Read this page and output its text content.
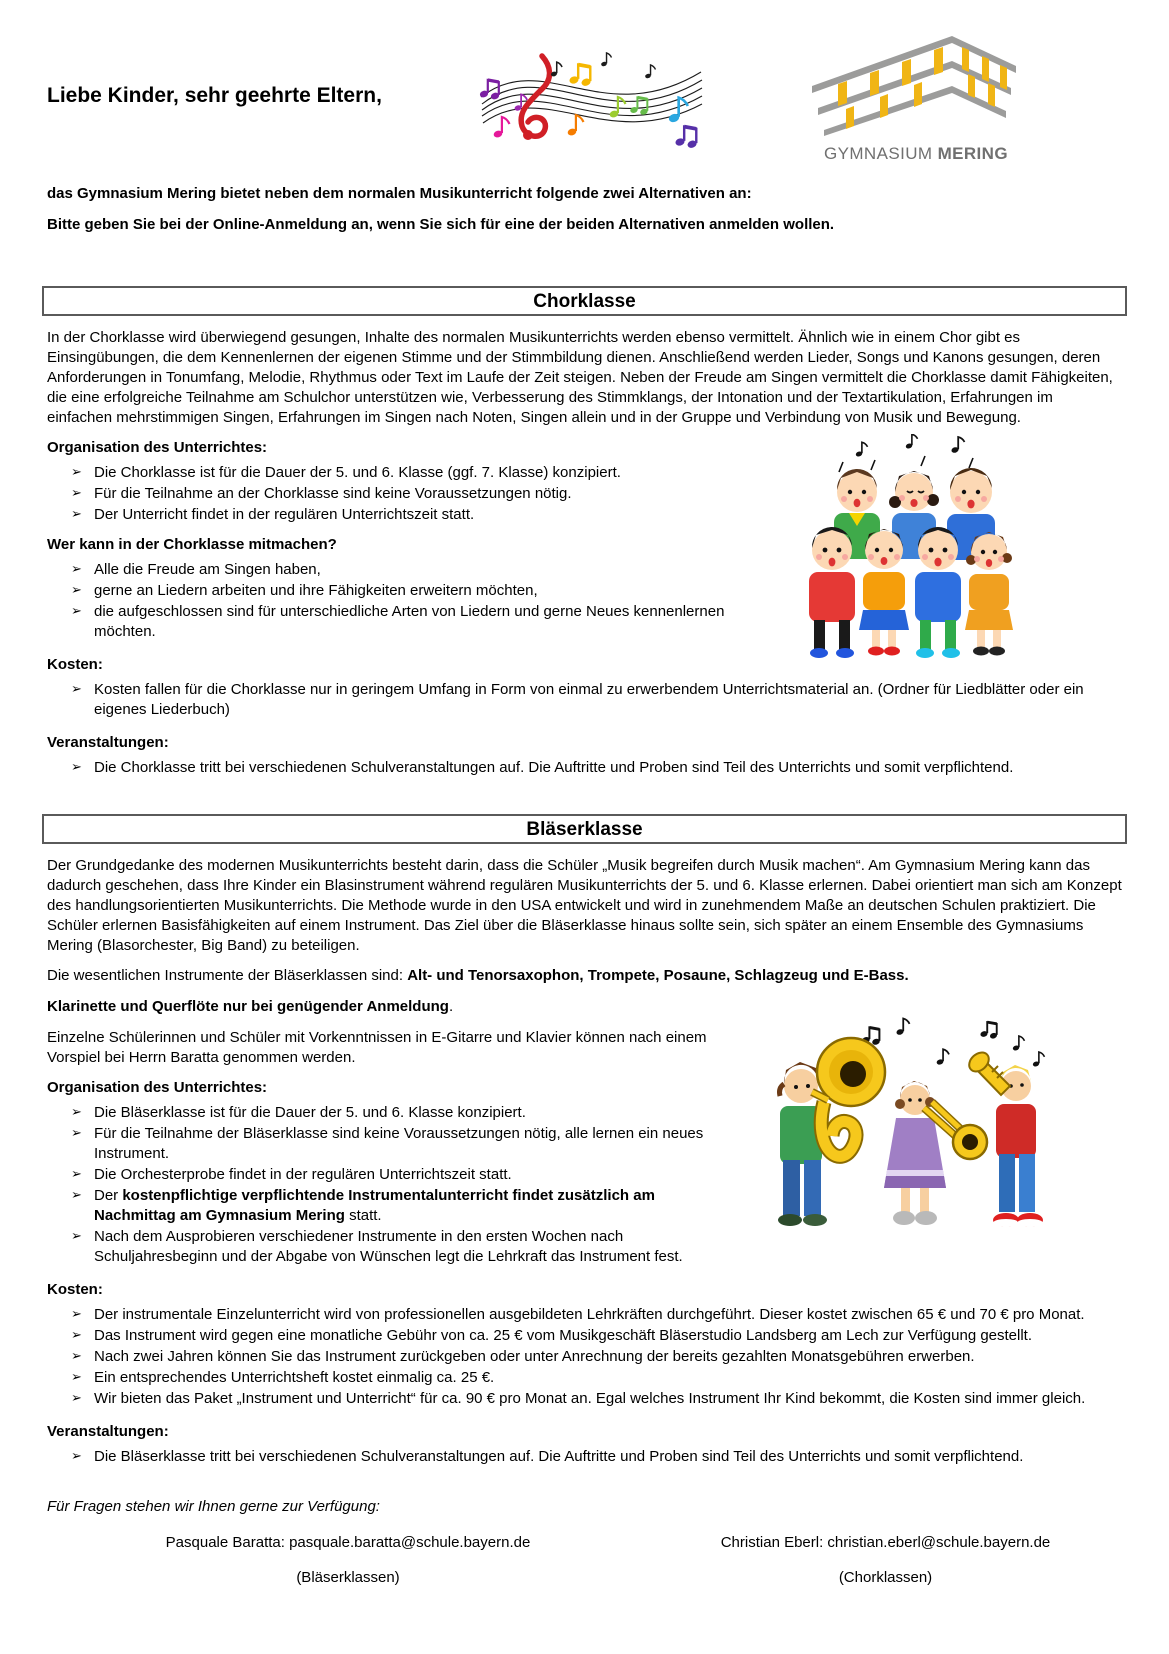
Liebe Kinder, sehr geehrte Eltern,
GYMNASIUM MERING

das Gymnasium Mering bietet neben dem normalen Musikunterricht folgende zwei Alternativen an:

Bitte geben Sie bei der Online-Anmeldung an, wenn Sie sich für eine der beiden Alternativen anmelden wollen.

Chorklasse

In der Chorklasse wird überwiegend gesungen, Inhalte des normalen Musikunterrichts werden ebenso vermittelt. Ähnlich wie in einem Chor gibt es Einsingübungen, die dem Kennenlernen der eigenen Stimme und der Stimmbildung dienen. Anschließend werden Lieder, Songs und Kanons gesungen, deren Anforderungen in Tonumfang, Melodie, Rhythmus oder Text im Laufe der Zeit steigen. Neben der Freude am Singen vermittelt die Chorklasse damit Fähigkeiten, die eine erfolgreiche Teilnahme am Schulchor unterstützen wie, Verbesserung des Stimmklangs, der Intonation und der Textartikulation, Erfahrungen im einfachen mehrstimmigen Singen, Erfahrungen im Singen nach Noten, Singen allein und in der Gruppe und Verbindung von Musik und Bewegung.

Organisation des Unterrichtes:

➢ Die Chorklasse ist für die Dauer der 5. und 6. Klasse (ggf. 7. Klasse) konzipiert.
➢ Für die Teilnahme an der Chorklasse sind keine Voraussetzungen nötig.
➢ Der Unterricht findet in der regulären Unterrichtszeit statt.

Wer kann in der Chorklasse mitmachen?

➢ Alle die Freude am Singen haben,
➢ gerne an Liedern arbeiten und ihre Fähigkeiten erweitern möchten,
➢ die aufgeschlossen sind für unterschiedliche Arten von Liedern und gerne Neues kennenlernen möchten.

Kosten:

➢ Kosten fallen für die Chorklasse nur in geringem Umfang in Form von einmal zu erwerbendem Unterrichtsmaterial an. (Ordner für Liedblätter oder ein eigenes Liederbuch)

Veranstaltungen:

➢ Die Chorklasse tritt bei verschiedenen Schulveranstaltungen auf. Die Auftritte und Proben sind Teil des Unterrichts und somit verpflichtend.
Bläserklasse

Der Grundgedanke des modernen Musikunterrichts besteht darin, dass die Schüler „Musik begreifen durch Musik machen“. Am Gymnasium Mering kann das dadurch geschehen, dass Ihre Kinder ein Blasinstrument während regulären Musikunterrichts der 5. und 6. Klasse erlernen. Dabei orientiert man sich am Konzept des handlungsorientierten Musikunterrichts. Die Methode wurde in den USA entwickelt und wird in zunehmendem Maße an deutschen Schulen praktiziert. Die Schüler erlernen Basisfähigkeiten auf einem Instrument. Das Ziel über die Bläserklasse hinaus sollte sein, sich später an einem Ensemble des Gymnasiums Mering (Blasorchester, Big Band) zu beteiligen.

Die wesentlichen Instrumente der Bläserklassen sind: Alt- und Tenorsaxophon, Trompete, Posaune, Schlagzeug und E-Bass.

Klarinette und Querflöte nur bei genügender Anmeldung.

Einzelne Schülerinnen und Schüler mit Vorkenntnissen in E-Gitarre und Klavier können nach einem Vorspiel bei Herrn Baratta genommen werden.

Organisation des Unterrichtes:

➢ Die Bläserklasse ist für die Dauer der 5. und 6. Klasse konzipiert.
➢ Für die Teilnahme der Bläserklasse sind keine Voraussetzungen nötig, alle lernen ein neues Instrument.
➢ Die Orchesterprobe findet in der regulären Unterrichtszeit statt.
➢ Der kostenpflichtige verpflichtende Instrumentalunterricht findet zusätzlich am Nachmittag am Gymnasium Mering statt.
➢ Nach dem Ausprobieren verschiedener Instrumente in den ersten Wochen nach Schuljahresbeginn und der Abgabe von Wünschen legt die Lehrkraft das Instrument fest.

Kosten:

➢ Der instrumentale Einzelunterricht wird von professionellen ausgebildeten Lehrkräften durchgeführt. Dieser kostet zwischen 65 € und 70 € pro Monat.
➢ Das Instrument wird gegen eine monatliche Gebühr von ca. 25 € vom Musikgeschäft Bläserstudio Landsberg am Lech zur Verfügung gestellt.
➢ Nach zwei Jahren können Sie das Instrument zurückgeben oder unter Anrechnung der bereits gezahlten Monatsgebühren erwerben.
➢ Ein entsprechendes Unterrichtsheft kostet einmalig ca. 25 €.
➢ Wir bieten das Paket „Instrument und Unterricht“ für ca. 90 € pro Monat an. Egal welches Instrument Ihr Kind bekommt, die Kosten sind immer gleich.

Veranstaltungen:

➢ Die Bläserklasse tritt bei verschiedenen Schulveranstaltungen auf. Die Auftritte und Proben sind Teil des Unterrichts und somit verpflichtend.

Für Fragen stehen wir Ihnen gerne zur Verfügung:

Pasquale Baratta: pasquale.baratta@schule.bayern.de
(Bläserklassen)
Christian Eberl: christian.eberl@schule.bayern.de
(Chorklassen)
